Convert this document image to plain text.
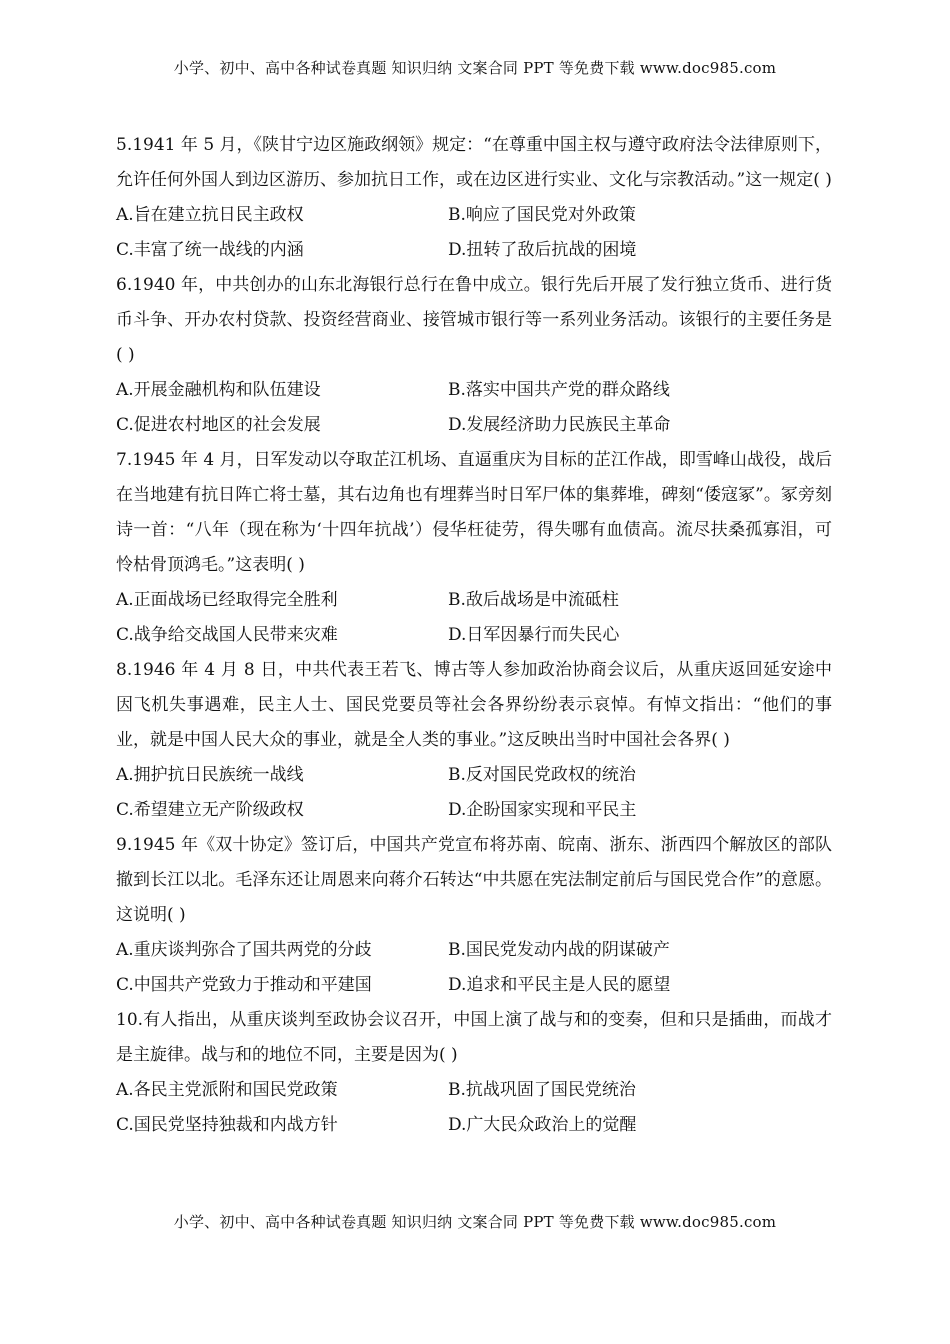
小学、初中、高中各种试卷真题 知识归纳 文案合同 PPT 等免费下载 www.doc985.com

5.1941 年 5 月，《陕甘宁边区施政纲领》规定：“在尊重中国主权与遵守政府法令法律原则下，允许任何外国人到边区游历、参加抗日工作，或在边区进行实业、文化与宗教活动。”这一规定( )

A.旨在建立抗日民主政权	B.响应了国民党对外政策
C.丰富了统一战线的内涵	D.扭转了敌后抗战的困境

6.1940 年，中共创办的山东北海银行总行在鲁中成立。银行先后开展了发行独立货币、进行货币斗争、开办农村贷款、投资经营商业、接管城市银行等一系列业务活动。该银行的主要任务是( )

A.开展金融机构和队伍建设	B.落实中国共产党的群众路线
C.促进农村地区的社会发展	D.发展经济助力民族民主革命

7.1945 年 4 月，日军发动以夺取芷江机场、直逼重庆为目标的芷江作战，即雪峰山战役，战后在当地建有抗日阵亡将士墓，其右边角也有埋葬当时日军尸体的集葬堆，碑刻“倭寇冢”。冢旁刻诗一首：“八年（现在称为‘十四年抗战’）侵华枉徒劳，得失哪有血债高。流尽扶桑孤寡泪，可怜枯骨顶鸿毛。”这表明( )

A.正面战场已经取得完全胜利	B.敌后战场是中流砥柱
C.战争给交战国人民带来灾难	D.日军因暴行而失民心

8.1946 年 4 月 8 日，中共代表王若飞、博古等人参加政治协商会议后，从重庆返回延安途中因飞机失事遇难，民主人士、国民党要员等社会各界纷纷表示哀悼。有悼文指出：“他们的事业，就是中国人民大众的事业，就是全人类的事业。”这反映出当时中国社会各界( )

A.拥护抗日民族统一战线	B.反对国民党政权的统治
C.希望建立无产阶级政权	D.企盼国家实现和平民主

9.1945 年《双十协定》签订后，中国共产党宣布将苏南、皖南、浙东、浙西四个解放区的部队撤到长江以北。毛泽东还让周恩来向蒋介石转达“中共愿在宪法制定前后与国民党合作”的意愿。这说明( )

A.重庆谈判弥合了国共两党的分歧	B.国民党发动内战的阴谋破产
C.中国共产党致力于推动和平建国	D.追求和平民主是人民的愿望

10.有人指出，从重庆谈判至政协会议召开，中国上演了战与和的变奏，但和只是插曲，而战才是主旋律。战与和的地位不同，主要是因为( )

A.各民主党派附和国民党政策	B.抗战巩固了国民党统治
C.国民党坚持独裁和内战方针	D.广大民众政治上的觉醒
小学、初中、高中各种试卷真题 知识归纳 文案合同 PPT 等免费下载 www.doc985.com
